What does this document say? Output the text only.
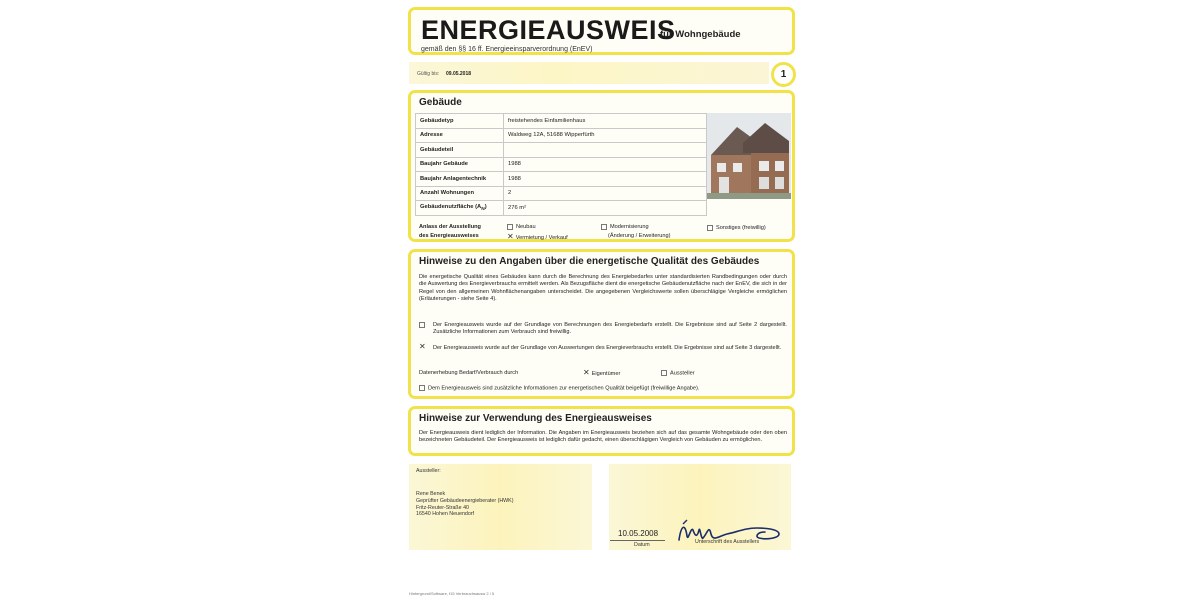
ENERGIEAUSWEIS
für Wohngebäude
gemäß den §§ 16 ff. Energieeinsparverordnung (EnEV)
Gültig bis: 09.05.2018	1
Gebäude
Gebäudetyp	freistehendes Einfamilienhaus
Adresse	Waldweg 12A, 51688 Wipperfürth
Gebäudeteil	
Baujahr Gebäude	1988
Baujahr Anlagentechnik	1988
Anzahl Wohnungen	2
Gebäudenutzfläche $(A_N)$	276 m²
Anlass der Ausstellung
des Energieausweises
Neubau
✕ Vermietung / Verkauf
Modernisierung
(Änderung / Erweiterung)
Sonstiges (freiwillig)
Hinweise zu den Angaben über die energetische Qualität des Gebäudes
Die energetische Qualität eines Gebäudes kann durch die Berechnung des Energiebedarfes unter standardisierten Randbedingungen oder durch die Auswertung des Energieverbrauchs ermittelt werden. Als Bezugsfläche dient die energetische Gebäudenutzfläche nach der EnEV, die sich in der Regel von den allgemeinen Wohnflächenangaben unterscheidet. Die angegebenen Vergleichswerte sollen überschlägige Vergleiche ermöglichen (Erläuterungen - siehe Seite 4).
Der Energieausweis wurde auf der Grundlage von Berechnungen des Energiebedarfs erstellt. Die Ergebnisse sind auf Seite 2 dargestellt. Zusätzliche Informationen zum Verbrauch sind freiwillig.
Der Energieausweis wurde auf der Grundlage von Auswertungen des Energieverbrauchs erstellt. Die Ergebnisse sind auf Seite 3 dargestellt.
✕
Datenerhebung Bedarf/Verbrauch durch	✕ Eigentümer	Aussteller
Dem Energieausweis sind zusätzliche Informationen zur energetischen Qualität beigefügt (freiwillige Angabe).
Hinweise zur Verwendung des Energieausweises
Der Energieausweis dient lediglich der Information. Die Angaben im Energieausweis beziehen sich auf das gesamte Wohngebäude oder den oben bezeichneten Gebäudeteil. Der Energieausweis ist lediglich dafür gedacht, einen überschlägigen Vergleich von Gebäuden zu ermöglichen.
Aussteller:
Rene Benek
Geprüfter Gebäudeenergieberater (HWK)
Fritz-Reuter-Straße 40
16540 Hohen Neuendorf
10.05.2008
Datum	Unterschrift des Ausstellers
Hintergrund/Software, f15 Verbrauchsausw 2 / 5
